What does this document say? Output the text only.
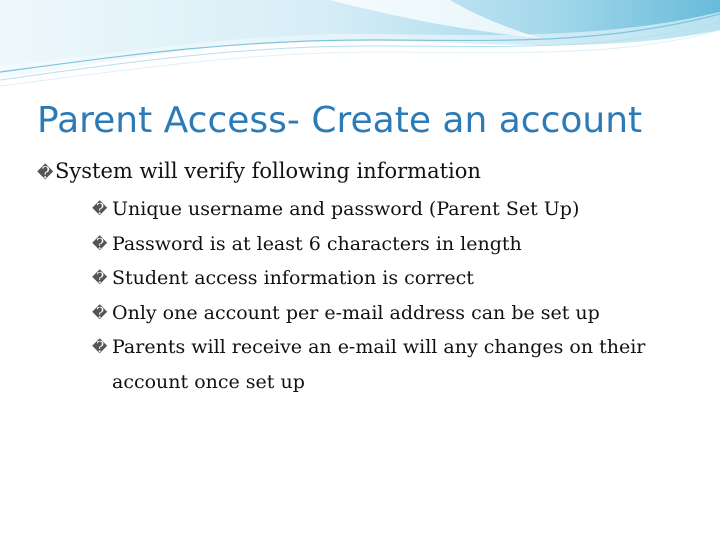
Parent Access- Create an account
� System will verify following information
� Unique username and password (Parent Set Up)
� Password is at least 6 characters in length
� Student access information is correct
� Only one account per e-mail address can be set up
� Parents will receive an e-mail will any changes on their account once set up
